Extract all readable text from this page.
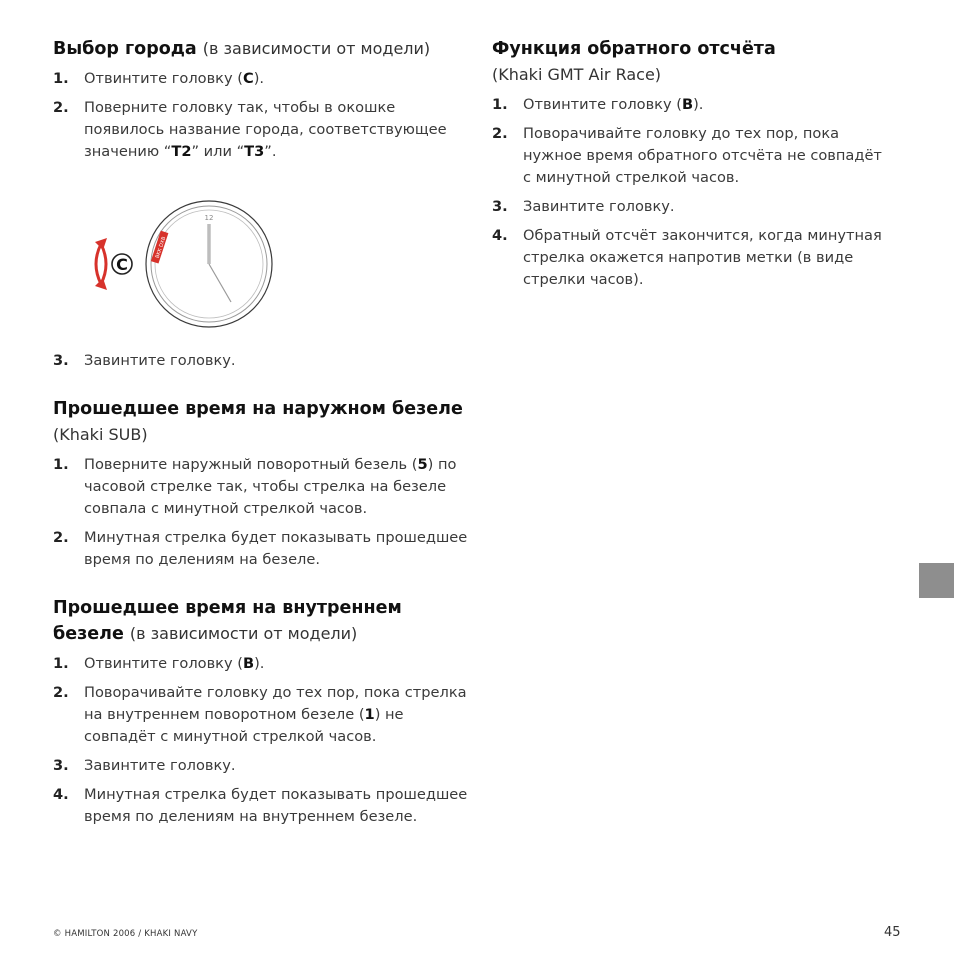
Выбор города (в зависимости от модели)
1. Отвинтите головку (C).
2. Поверните головку так, чтобы в окошке появилось название города, соответствующее значению “T2” или “T3”.
12
BKK DXB
C
3. Завинтите головку.
Прошедшее время на наружном безеле (Khaki SUB)
1. Поверните наружный поворотный безель (5) по часовой стрелке так, чтобы стрелка на безеле совпала с минутной стрелкой часов.
2. Минутная стрелка будет показывать прошедшее время по делениям на безеле.
Прошедшее время на внутреннем безеле (в зависимости от модели)
1. Отвинтите головку (B).
2. Поворачивайте головку до тех пор, пока стрелка на внутреннем поворотном безеле (1) не совпадёт с минутной стрелкой часов.
3. Завинтите головку.
4. Минутная стрелка будет показывать прошедшее время по делениям на внутреннем безеле.
Функция обратного отсчёта
(Khaki GMT Air Race)
1. Отвинтите головку (B).
2. Поворачивайте головку до тех пор, пока нужное время обратного отсчёта не совпадёт с минутной стрелкой часов.
3. Завинтите головку.
4. Обратный отсчёт закончится, когда минутная стрелка окажется напротив метки (в виде стрелки часов).
© HAMILTON 2006 / KHAKI NAVY	45
